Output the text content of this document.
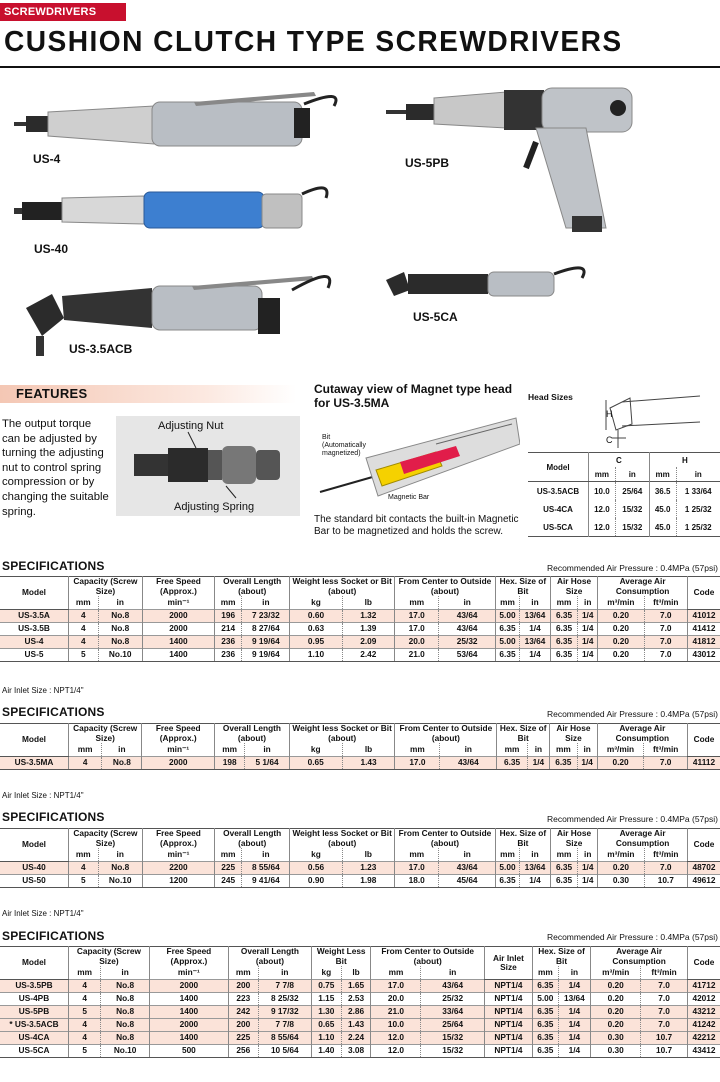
SCREWDRIVERS
CUSHION CLUTCH TYPE SCREWDRIVERS
US-4
US-40
US-3.5ACB
US-5PB
US-5CA
FEATURES
The output torque can be adjusted by turning the adjusting nut to control spring compression or by changing the suitable spring.
Adjusting Nut
Adjusting Spring
Cutaway view of Magnet type head for US-3.5MA
Bit (Automatically magnetized)
Magnetic Bar
The standard bit contacts the built-in Magnetic Bar to be magnetized and holds the screw.
Head Sizes
H
C
Model	C		H	
	mm	in	mm	in
US-3.5ACB	10.0	25/64	36.5	1 33/64
US-4CA	12.0	15/32	45.0	1 25/32
US-5CA	12.0	15/32	45.0	1 25/32
SPECIFICATIONS	Recommended Air Pressure : 0.4MPa (57psi)
Model	Capacity (Screw Size)		Free Speed (Approx.)	Overall Length (about)		Weight less Socket or Bit (about)		From Center to Outside (about)		Hex. Size of Bit		Air Hose Size		Average Air Consumption		Code
	mm	in	min⁻¹	mm	in	kg	lb	mm	in	mm	in	mm	in	m³/min	ft³/min	
US-3.5A	4	No.8	2000	196	7 23/32	0.60	1.32	17.0	43/64	5.00	13/64	6.35	1/4	0.20	7.0	41012
US-3.5B	4	No.8	2000	214	8 27/64	0.63	1.39	17.0	43/64	6.35	1/4	6.35	1/4	0.20	7.0	41412
US-4	4	No.8	1400	236	9 19/64	0.95	2.09	20.0	25/32	5.00	13/64	6.35	1/4	0.20	7.0	41812
US-5	5	No.10	1400	236	9 19/64	1.10	2.42	21.0	53/64	6.35	1/4	6.35	1/4	0.20	7.0	43012
Air Inlet Size : NPT1/4"
SPECIFICATIONS	Recommended Air Pressure : 0.4MPa (57psi)
Model	Capacity (Screw Size)		Free Speed (Approx.)	Overall Length (about)		Weight less Socket or Bit (about)		From Center to Outside (about)		Hex. Size of Bit		Air Hose Size		Average Air Consumption		Code
	mm	in	min⁻¹	mm	in	kg	lb	mm	in	mm	in	mm	in	m³/min	ft³/min	
US-3.5MA	4	No.8	2000	198	5 1/64	0.65	1.43	17.0	43/64	6.35	1/4	6.35	1/4	0.20	7.0	41112
Air Inlet Size : NPT1/4"
SPECIFICATIONS	Recommended Air Pressure : 0.4MPa (57psi)
Model	Capacity (Screw Size)		Free Speed (Approx.)	Overall Length (about)		Weight less Socket or Bit (about)		From Center to Outside (about)		Hex. Size of Bit		Air Hose Size		Average Air Consumption		Code
	mm	in	min⁻¹	mm	in	kg	lb	mm	in	mm	in	mm	in	m³/min	ft³/min	
US-40	4	No.8	2200	225	8 55/64	0.56	1.23	17.0	43/64	5.00	13/64	6.35	1/4	0.20	7.0	48702
US-50	5	No.10	1200	245	9 41/64	0.90	1.98	18.0	45/64	6.35	1/4	6.35	1/4	0.30	10.7	49612
Air Inlet Size : NPT1/4"
SPECIFICATIONS	Recommended Air Pressure : 0.4MPa (57psi)
Model	Capacity (Screw Size)		Free Speed (Approx.)	Overall Length (about)		Weight Less Bit		From Center to Outside (about)		Air Inlet Size	Hex. Size of Bit		Average Air Consumption		Code
	mm	in	min⁻¹	mm	in	kg	lb	mm	in		mm	in	m³/min	ft³/min	
US-3.5PB	4	No.8	2000	200	7 7/8	0.75	1.65	17.0	43/64	NPT1/4	6.35	1/4	0.20	7.0	41712
US-4PB	4	No.8	1400	223	8 25/32	1.15	2.53	20.0	25/32	NPT1/4	5.00	13/64	0.20	7.0	42012
US-5PB	5	No.8	1400	242	9 17/32	1.30	2.86	21.0	33/64	NPT1/4	6.35	1/4	0.20	7.0	43212
* US-3.5ACB	4	No.8	2000	200	7 7/8	0.65	1.43	10.0	25/64	NPT1/4	6.35	1/4	0.20	7.0	41242
US-4CA	4	No.8	1400	225	8 55/64	1.10	2.24	12.0	15/32	NPT1/4	6.35	1/4	0.30	10.7	42212
US-5CA	5	No.10	500	256	10 5/64	1.40	3.08	12.0	15/32	NPT1/4	6.35	1/4	0.30	10.7	43412
